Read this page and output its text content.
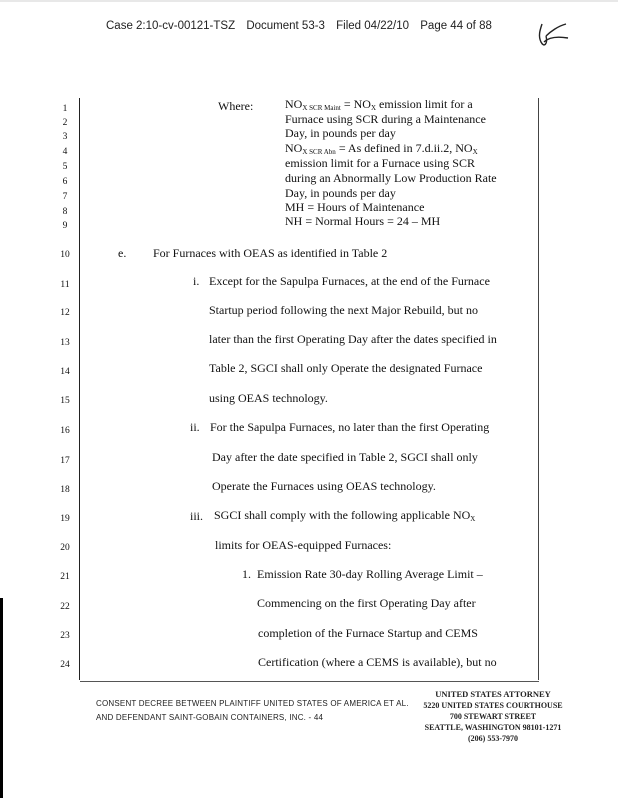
Case 2:10-cv-00121-TSZ Document 53-3 Filed 04/22/10 Page 44 of 88
1
2
3
4
5
6
7
8
9
10
11
12
13
14
15
16
17
18
19
20
21
22
23
24
Where:	$NO_{X SCR Maint} = NO_X$ emission limit for a
Furnace using SCR during a Maintenance
Day, in pounds per day
$NO_{X SCR Abn} = As$ defined in 7.d.ii.2, $NO_X$
emission limit for a Furnace using SCR
during an Abnormally Low Production Rate
Day, in pounds per day
MH = Hours of Maintenance
NH = Normal Hours = 24 – MH
e. For Furnaces with OEAS as identified in Table 2
i. Except for the Sapulpa Furnaces, at the end of the Furnace
Startup period following the next Major Rebuild, but no
later than the first Operating Day after the dates specified in
Table 2, SGCI shall only Operate the designated Furnace
using OEAS technology.
ii. For the Sapulpa Furnaces, no later than the first Operating
Day after the date specified in Table 2, SGCI shall only
Operate the Furnaces using OEAS technology.
iii. SGCI shall comply with the following applicable $NO_X$
limits for OEAS-equipped Furnaces:
1. Emission Rate 30-day Rolling Average Limit –
Commencing on the first Operating Day after
completion of the Furnace Startup and CEMS
Certification (where a CEMS is available), but no
CONSENT DECREE BETWEEN PLAINTIFF UNITED STATES OF AMERICA ET AL.
AND DEFENDANT SAINT-GOBAIN CONTAINERS, INC. - 44
UNITED STATES ATTORNEY
5220 UNITED STATES COURTHOUSE
700 STEWART STREET
SEATTLE, WASHINGTON 98101-1271
(206) 553-7970
